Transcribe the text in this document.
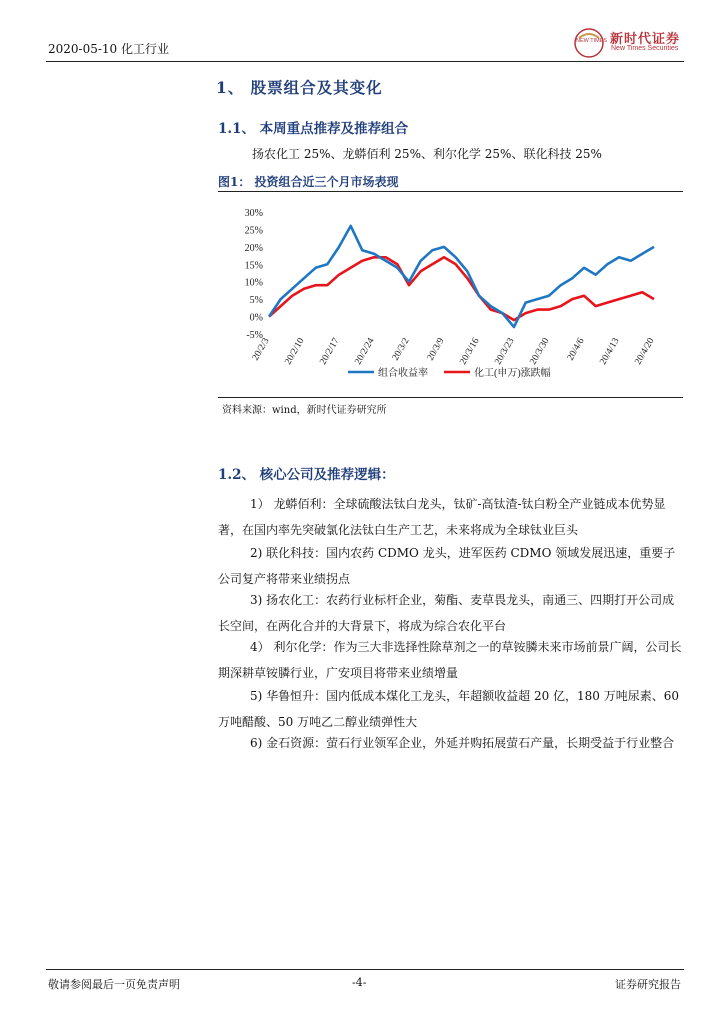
2020-05-10 化工行业
NEW TIMES 新时代证券
New Times Securities
1、 股票组合及其变化
1.1、 本周重点推荐及推荐组合
扬农化工 25%、龙蟒佰利 25%、利尔化学 25%、联化科技 25%
图1： 投资组合近三个月市场表现
30%
25%
20%
15%
10%
5%
0%
-5%
20/2/3 20/2/10 20/2/17 20/2/24 20/3/2 20/3/9 20/3/16 20/3/23 20/3/30 20/4/6 20/4/13 20/4/20
组合收益率	化工(申万)涨跌幅
资料来源：wind，新时代证券研究所
1.2、 核心公司及推荐逻辑：
1） 龙蟒佰利：全球硫酸法钛白龙头，钛矿-高钛渣-钛白粉全产业链成本优势显著，在国内率先突破氯化法钛白生产工艺，未来将成为全球钛业巨头
2) 联化科技：国内农药 CDMO 龙头，进军医药 CDMO 领域发展迅速，重要子公司复产将带来业绩拐点
3) 扬农化工：农药行业标杆企业，菊酯、麦草畏龙头，南通三、四期打开公司成长空间，在两化合并的大背景下，将成为综合农化平台
4） 利尔化学：作为三大非选择性除草剂之一的草铵膦未来市场前景广阔，公司长期深耕草铵膦行业，广安项目将带来业绩增量
5) 华鲁恒升：国内低成本煤化工龙头，年超额收益超 20 亿，180 万吨尿素、60 万吨醋酸、50 万吨乙二醇业绩弹性大
6) 金石资源：萤石行业领军企业，外延并购拓展萤石产量，长期受益于行业整合
敬请参阅最后一页免责声明	-4-	证券研究报告
